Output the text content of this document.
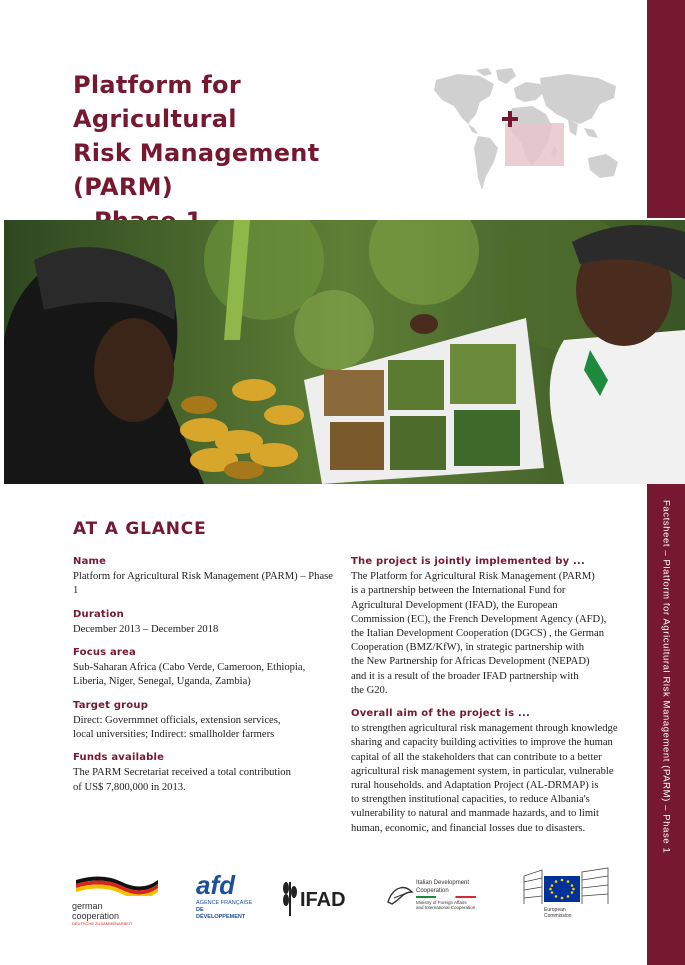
Factsheet – Platform for Agricultural Risk Management (PARM) – Phase 1
Platform for Agricultural
Risk Management (PARM)

AT A GLANCE
Name
Platform for Agricultural Risk Management (PARM) – Phase 1
Duration
December 2013 – December 2018
Focus area
Sub-Saharan Africa (Cabo Verde, Cameroon, Ethiopia,
Liberia, Niger, Senegal, Uganda, Zambia)
Target group
Direct: Governmnet officials, extension services,
local universities; Indirect: smallholder farmers
Funds available
The PARM Secretariat received a total contribution
of US$ 7,800,000 in 2013.
The project is jointly implemented by ...
The Platform for Agricultural Risk Management (PARM)
is a partnership between the International Fund for
Agricultural Development (IFAD), the European
Commission (EC), the French Development Agency (AFD),
the Italian Development Cooperation (DGCS) , the German
Cooperation (BMZ/KfW), in strategic partnership with
the New Partnership for Africas Development (NEPAD)
and it is a result of the broader IFAD partnership with
the G20.
Overall aim of the project is ...
to strengthen agricultural risk management through knowledge
sharing and capacity building activities to improve the human
capital of all the stakeholders that can contribute to a better
agricultural risk management system, in particular, vulnerable
rural households. and Adaptation Project (AL-DRMAP) is
to strengthen institutional capacities, to reduce Albania's
vulnerability to natural and manmade hazards, and to limit
human, economic, and financial losses due to disasters.
german
cooperation
DEUTSCHE ZUSAMMENARBEIT
afd
AGENCE FRANÇAISE
DE DÉVELOPPEMENT
IFAD
Italian Development
Cooperation
Ministry of Foreign Affairs
and International Cooperation	European
Commission
